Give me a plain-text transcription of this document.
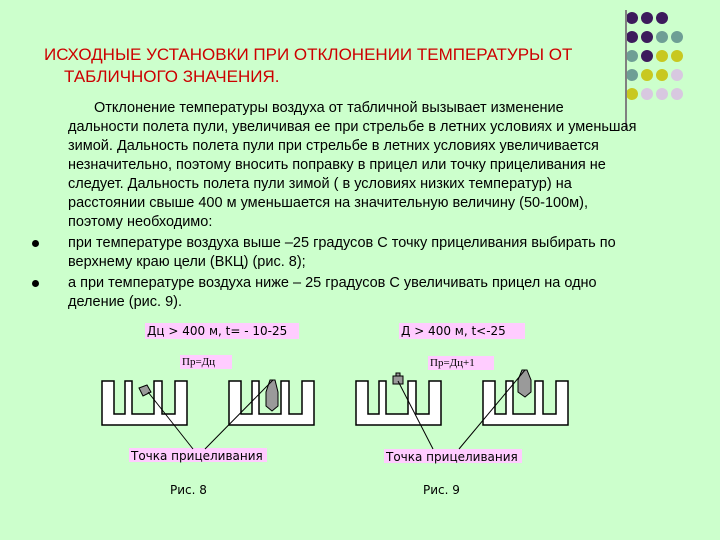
ИСХОДНЫЕ УСТАНОВКИ ПРИ ОТКЛОНЕНИИ ТЕМПЕРАТУРЫ ОТ ТАБЛИЧНОГО ЗНАЧЕНИЯ.

Отклонение температуры воздуха от табличной вызывает изменение дальности полета пули, увеличивая ее при стрельбе в летних условиях и уменьшая зимой. Дальность полета пули при стрельбе в летних условиях увеличивается незначительно, поэтому вносить поправку в прицел или точку прицеливания не следует. Дальность полета пули зимой ( в условиях низких температур) на расстоянии свыше 400 м уменьшается на значительную величину (50-100м), поэтому необходимо:

при температуре воздуха выше –25 градусов С точку прицеливания выбирать по верхнему краю цели (ВКЦ) (рис. 8);

а при температуре воздуха ниже – 25 градусов С увеличивать прицел на одно деление (рис. 9).

Дц > 400 м, t= - 10-25
Пр=Дц
Точка прицеливания
Рис. 8
Д > 400 м, t<-25
Пр=Дц+1
Точка прицеливания
Рис. 9
